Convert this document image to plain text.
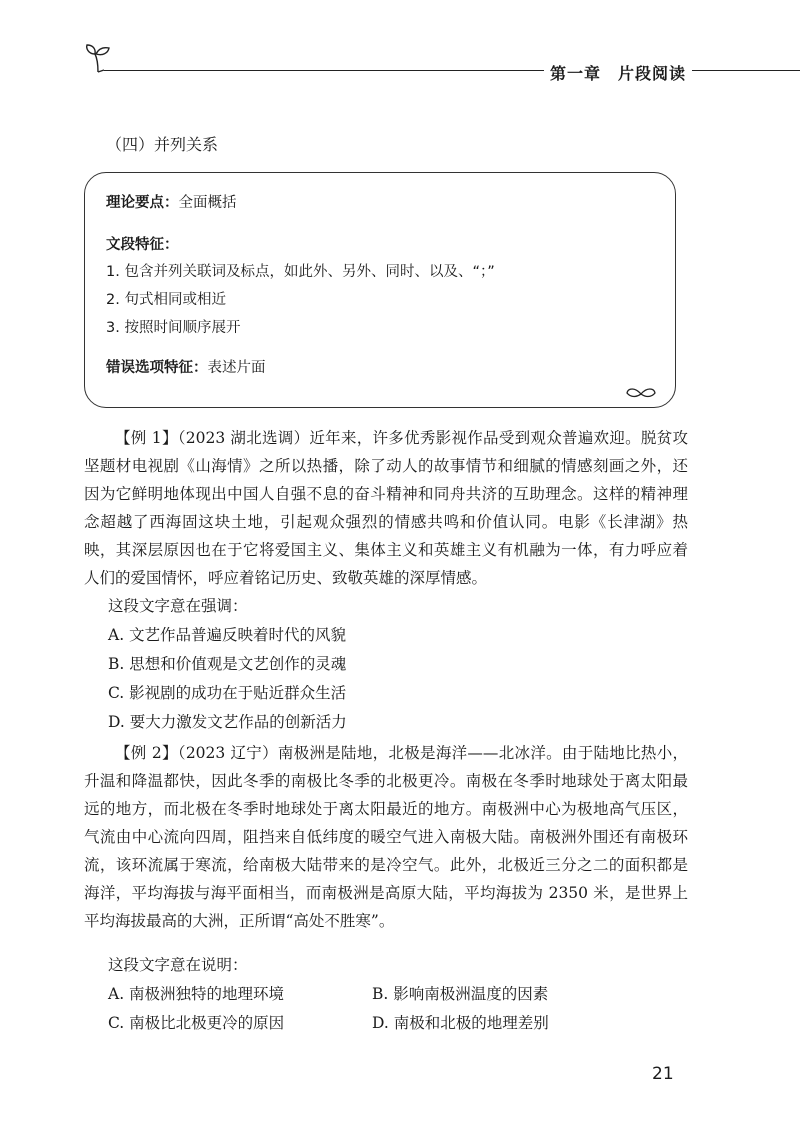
第一章　片段阅读
（四）并列关系
理论要点：全面概括
文段特征：
1. 包含并列关联词及标点，如此外、另外、同时、以及、“；”
2. 句式相同或相近
3. 按照时间顺序展开
错误选项特征：表述片面

【例 1】（2023 湖北选调）近年来，许多优秀影视作品受到观众普遍欢迎。脱贫攻坚题材电视剧《山海情》之所以热播，除了动人的故事情节和细腻的情感刻画之外，还因为它鲜明地体现出中国人自强不息的奋斗精神和同舟共济的互助理念。这样的精神理念超越了西海固这块土地，引起观众强烈的情感共鸣和价值认同。电影《长津湖》热映，其深层原因也在于它将爱国主义、集体主义和英雄主义有机融为一体，有力呼应着人们的爱国情怀，呼应着铭记历史、致敬英雄的深厚情感。

这段文字意在强调：
A. 文艺作品普遍反映着时代的风貌
B. 思想和价值观是文艺创作的灵魂
C. 影视剧的成功在于贴近群众生活
D. 要大力激发文艺作品的创新活力

【例 2】（2023 辽宁）南极洲是陆地，北极是海洋——北冰洋。由于陆地比热小，升温和降温都快，因此冬季的南极比冬季的北极更冷。南极在冬季时地球处于离太阳最远的地方，而北极在冬季时地球处于离太阳最近的地方。南极洲中心为极地高气压区，气流由中心流向四周，阻挡来自低纬度的暖空气进入南极大陆。南极洲外围还有南极环流，该环流属于寒流，给南极大陆带来的是冷空气。此外，北极近三分之二的面积都是海洋，平均海拔与海平面相当，而南极洲是高原大陆，平均海拔为 2350 米，是世界上平均海拔最高的大洲，正所谓“高处不胜寒”。

这段文字意在说明：
A. 南极洲独特的地理环境	B. 影响南极洲温度的因素
C. 南极比北极更冷的原因	D. 南极和北极的地理差别
21
